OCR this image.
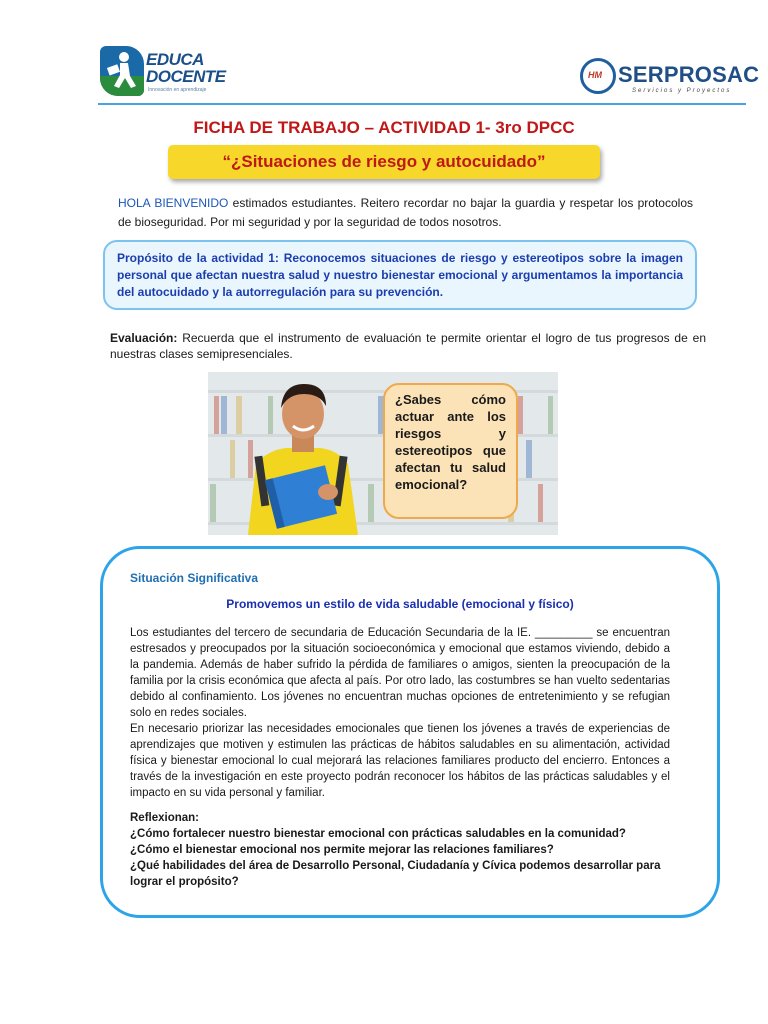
EDUCA
DOCENTE
Innovación en aprendizaje
HM SERPROSAC
Servicios y Proyectos
FICHA DE TRABAJO – ACTIVIDAD 1- 3ro DPCC
“¿Situaciones de riesgo y autocuidado”
HOLA BIENVENIDO estimados estudiantes. Reitero recordar no bajar la guardia y respetar los protocolos de bioseguridad. Por mi seguridad y por la seguridad de todos nosotros.
Propósito de la actividad 1: Reconocemos situaciones de riesgo y estereotipos sobre la imagen personal que afectan nuestra salud y nuestro bienestar emocional y argumentamos la importancia del autocuidado y la autorregulación para su prevención.
Evaluación: Recuerda que el instrumento de evaluación te permite orientar el logro de tus progresos de en nuestras clases semipresenciales.
¿Sabes cómo actuar ante los riesgos y estereotipos que afectan tu salud emocional?
Situación Significativa
Promovemos un estilo de vida saludable (emocional y físico)

Los estudiantes del tercero de secundaria de Educación Secundaria de la IE. _________ se encuentran estresados y preocupados por la situación socioeconómica y emocional que estamos viviendo, debido a la pandemia. Además de haber sufrido la pérdida de familiares o amigos, sienten la preocupación de la familia por la crisis económica que afecta al país. Por otro lado, las costumbres se han vuelto sedentarias debido al confinamiento. Los jóvenes no encuentran muchas opciones de entretenimiento y se refugian solo en redes sociales.

En necesario priorizar las necesidades emocionales que tienen los jóvenes a través de experiencias de aprendizajes que motiven y estimulen las prácticas de hábitos saludables en su alimentación, actividad física y bienestar emocional lo cual mejorará las relaciones familiares producto del encierro. Entonces a través de la investigación en este proyecto podrán reconocer los hábitos de las prácticas saludables y el impacto en su vida personal y familiar.

Reflexionan:

¿Cómo fortalecer nuestro bienestar emocional con prácticas saludables en la comunidad?

¿Cómo el bienestar emocional nos permite mejorar las relaciones familiares?

¿Qué habilidades del área de Desarrollo Personal, Ciudadanía y Cívica podemos desarrollar para lograr el propósito?
